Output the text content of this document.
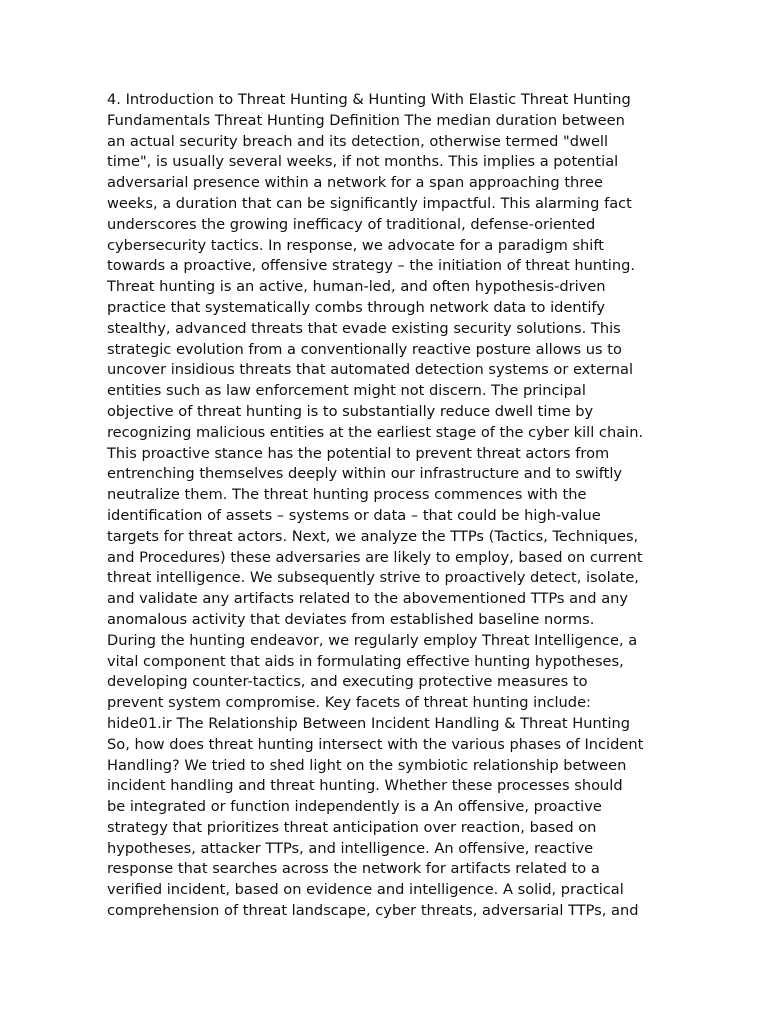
4. Introduction to Threat Hunting & Hunting With Elastic Threat Hunting
Fundamentals Threat Hunting Definition The median duration between
an actual security breach and its detection, otherwise termed "dwell
time", is usually several weeks, if not months. This implies a potential
adversarial presence within a network for a span approaching three
weeks, a duration that can be significantly impactful. This alarming fact
underscores the growing inefficacy of traditional, defense-oriented
cybersecurity tactics. In response, we advocate for a paradigm shift
towards a proactive, offensive strategy – the initiation of threat hunting.
Threat hunting is an active, human-led, and often hypothesis-driven
practice that systematically combs through network data to identify
stealthy, advanced threats that evade existing security solutions. This
strategic evolution from a conventionally reactive posture allows us to
uncover insidious threats that automated detection systems or external
entities such as law enforcement might not discern. The principal
objective of threat hunting is to substantially reduce dwell time by
recognizing malicious entities at the earliest stage of the cyber kill chain.
This proactive stance has the potential to prevent threat actors from
entrenching themselves deeply within our infrastructure and to swiftly
neutralize them. The threat hunting process commences with the
identification of assets – systems or data – that could be high-value
targets for threat actors. Next, we analyze the TTPs (Tactics, Techniques,
and Procedures) these adversaries are likely to employ, based on current
threat intelligence. We subsequently strive to proactively detect, isolate,
and validate any artifacts related to the abovementioned TTPs and any
anomalous activity that deviates from established baseline norms.
During the hunting endeavor, we regularly employ Threat Intelligence, a
vital component that aids in formulating effective hunting hypotheses,
developing counter-tactics, and executing protective measures to
prevent system compromise. Key facets of threat hunting include:
hide01.ir The Relationship Between Incident Handling & Threat Hunting
So, how does threat hunting intersect with the various phases of Incident
Handling? We tried to shed light on the symbiotic relationship between
incident handling and threat hunting. Whether these processes should
be integrated or function independently is a An offensive, proactive
strategy that prioritizes threat anticipation over reaction, based on
hypotheses, attacker TTPs, and intelligence. An offensive, reactive
response that searches across the network for artifacts related to a
verified incident, based on evidence and intelligence. A solid, practical
comprehension of threat landscape, cyber threats, adversarial TTPs, and
